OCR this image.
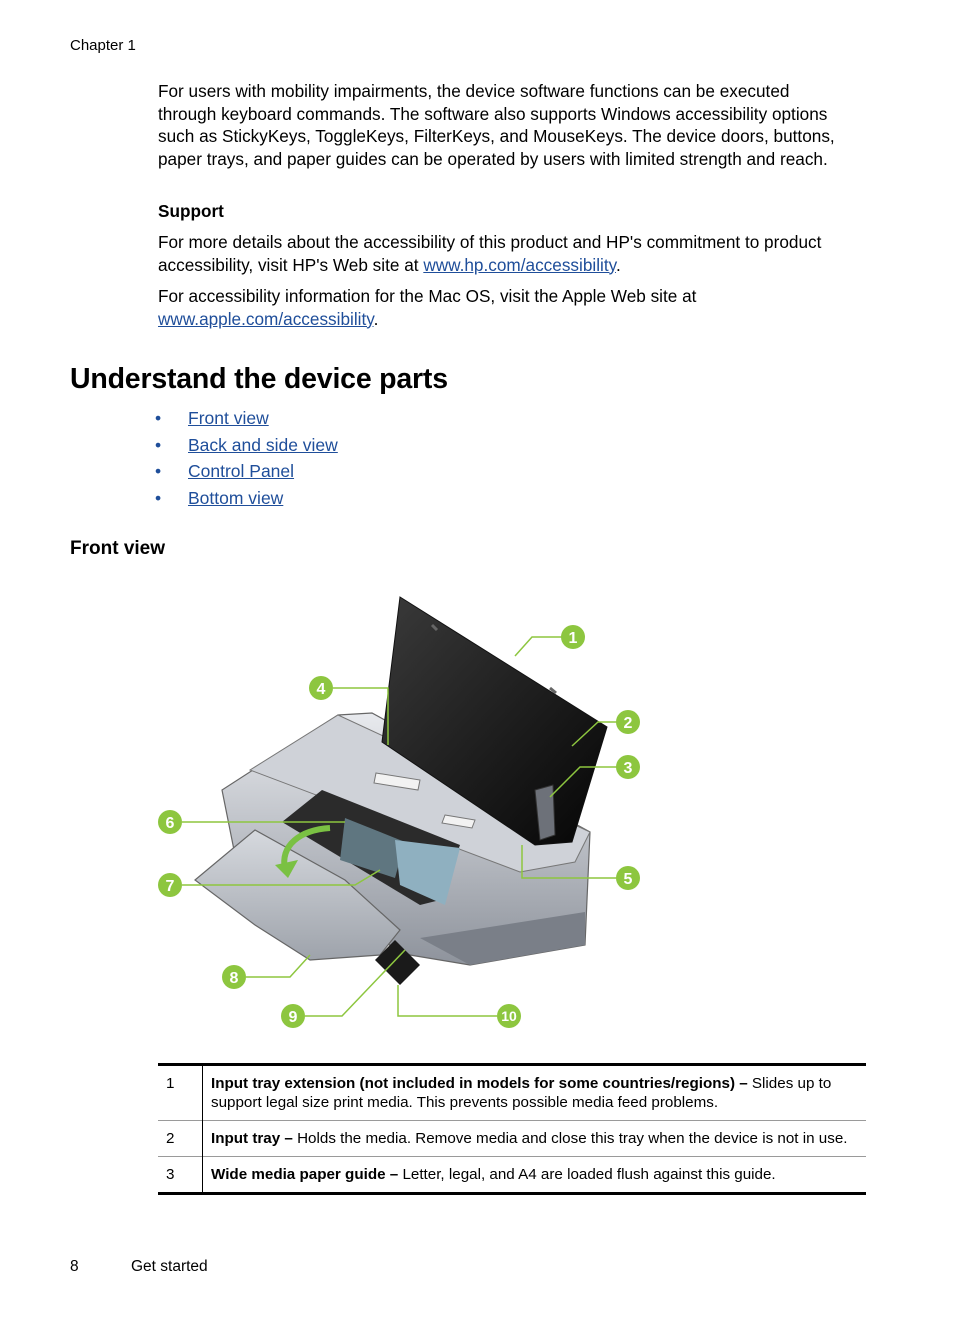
Chapter 1

For users with mobility impairments, the device software functions can be executed through keyboard commands. The software also supports Windows accessibility options such as StickyKeys, ToggleKeys, FilterKeys, and MouseKeys. The device doors, buttons, paper trays, and paper guides can be operated by users with limited strength and reach.

Support

For more details about the accessibility of this product and HP's commitment to product accessibility, visit HP's Web site at www.hp.com/accessibility.

For accessibility information for the Mac OS, visit the Apple Web site at
www.apple.com/accessibility.

Understand the device parts
• Front view
• Back and side view
• Control Panel
• Bottom view
Front view
1
2
3
4
5
6
7
8
9	10
1	Input tray extension (not included in models for some countries/regions) – Slides up to support legal size print media. This prevents possible media feed problems.
2	Input tray – Holds the media. Remove media and close this tray when the device is not in use.
3	Wide media paper guide – Letter, legal, and A4 are loaded flush against this guide.
8	Get started
